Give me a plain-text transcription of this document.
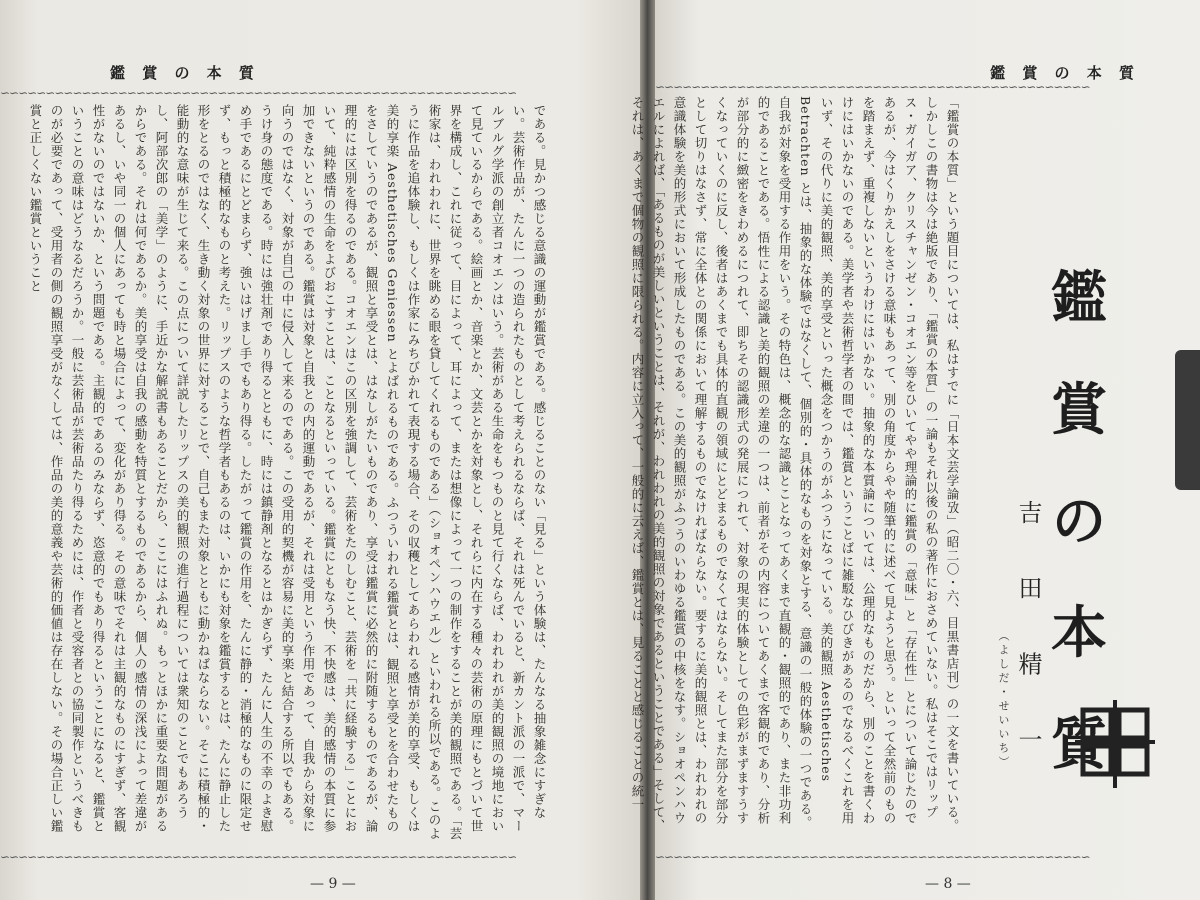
鑑 賞 の 本 質
∽∽∽∽∽∽∽∽∽∽∽∽∽∽∽∽∽∽∽∽∽∽∽∽∽∽∽∽∽∽∽∽∽∽∽∽∽∽∽∽∽∽∽∽∽∽∽∽∽∽∽∽∽∽∽∽∽
である。見かつ感じる意識の運動が鑑賞である。感じることのない「見る」という体験は、たんなる抽象雑念にすぎない。芸術作品が、たんに一つの造られたものとして考えられるならば、それは死んでいると、新カント派の一派で、マールブルグ学派の創立者コオエンはいう。芸術がある生命をもつものと見て行くならば、われわれが美的観照の境地において見ているからである。絵画とか、音楽とか、文芸とかを対象とし、それらに内在する種々の芸術の原理にもとづいて世界を構成し、これに従って、目によって、耳によって、または想像によって一つの制作をすることが美的観照である。「芸術家は、われわれに、世界を眺める眼を貸してくれるものである」（ショオペンハウエル）といわれる所以である。このように作品を追体験し、もしくは作家にみちびかれて表現する場合、その収穫としてあらわれる感情が美的享受、もしくは美的享楽 Aesthetisches Geniessen とよばれるものである。ふつういわれる鑑賞とは、観照と享受とを合わせたものをさしていうのであるが、観照と享受とは、はなしがたいものであり、享受は鑑賞に必然的に附随するものであるが、論理的には区別を得るのである。コオエンはこの区別を強調して、芸術をたのしむこと、芸術を「共に経験する」ことにおいて、純粋感情の生命をよびおこすことは、ことなるといっている。鑑賞にともなう快、不快感は、美的感情の本質に参加できないというのである。鑑賞は対象と自我との内的運動であるが、それは受用という作用であって、自我から対象に向うのではなく、対象が自己の中に侵入して来るのである。この受用的契機が容易に美的享楽と結合する所以でもある。うけ身の態度である。時には強壮剤であり得るとともに、時には鎮静剤となるとはかぎらず、たんに人生の不幸のよき慰め手であるにとどまらず、強いはげまし手でもあり得る。したがって鑑賞の作用を、たんに静的・消極的なものに限定せず、もっと積極的なものと考えた。リップスのような哲学者もあるのは、いかにも対象を鑑賞するとは、たんに静止した形をとるのではなく、生き動く対象の世界に対することで、自己もまた対象とともに動かねばならない。そこに積極的・能動的な意味が生じて来る。この点について詳説したリップスの美的観照の進行過程については衆知のことでもあろうし、阿部次郎の「美学」のように、手近かな解説書もあることだから、ここにはふれぬ。もっとほかに重要な問題があるからである。それは何であるか。美的享受は自我の感動を特質とするものであるから、個人の感情の深浅によって差違があるし、いや同一の個人にあっても時と場合によって、変化があり得る。その意味でそれは主観的なものにすぎず、客観性がないのではないか、という問題である。主観的であるのみならず、恣意的でもあり得るということになると、鑑賞ということの意味はどうなるだろうか。一般に芸術品が芸術品たり得るためには、作者と受容者との協同製作というべきものが必要であって、受用者の側の観照享受がなくしては、作品の美的意義や芸術的価値は存在しない。その場合正しい鑑賞と正しくない鑑賞ということ
∽∽∽∽∽∽∽∽∽∽∽∽∽∽∽∽∽∽∽∽∽∽∽∽∽∽∽∽∽∽∽∽∽∽∽∽∽∽∽∽∽∽∽∽∽∽∽∽∽∽∽∽∽∽∽∽∽
— 9 —
鑑 賞 の 本 質
∽∽∽∽∽∽∽∽∽∽∽∽∽∽∽∽∽∽∽∽∽∽∽∽∽∽∽∽∽∽∽∽∽∽∽∽∽∽∽∽∽∽∽∽∽∽∽∽
「鑑賞の本質」という題目については、私はすでに「日本文芸学論攷」（昭二〇・六、目黒書店刊）の一文を書いている。しかしこの書物は今は絶版であり、「鑑賞の本質」の一論もそれ以後の私の著作におさめていない。私はそこではリップス・ガイガア、クリスチャンゼン・コオエン等をひいてやや理論的に鑑賞の「意味」と「存在性」とについて論じたのであるが、今はくりかえしをさける意味もあって、別の角度からやや随筆的に述べて見ようと思う。といって全然前のものを踏まえず、重複しないというわけにはいかない。抽象的な本質論については、公理的なものだから、別のことを書くわけにはいかないのである。美学者や芸術哲学者の間では、鑑賞ということばに雑駁なひびきがあるのでなるべくこれを用いず、その代りに美的観照、美的享受といった概念をつかうのがふつうになっている。美的観照 Aesthetisches Betrachten とは、抽象的な体験ではなくして、個別的・具体的なものを対象とする、意識の一般的体験の一つである。自我が対象を受用する作用をいう。その特色は、概念的な認識とことなってあくまで直観的・観照的であり、また非功利的であることである。悟性による認識と美的観照の差違の一つは、前者がその内容についてあくまで客観的であり、分析が部分的に緻密をきわめるにつれて、即ちその認識形式の発展につれて、対象の現実的体験としての色彩がまずますうすくなっていくのに反し、後者はあくまでも具体的直観の領域にとどまるものでなくてはならない。そしてまた部分を部分として切りはなさず、常に全体との関係において理解するものでなければならない。要するに美的観照とは、われわれの意識体験を美的形式において形成したものである。この美的観照がふつうのいわゆる鑑賞の中核をなす。ショオペンハウエルによれば、「あるものが美しいということは、それが、われわれの美的観照の対象であるということである」そして、それは、あくまで個物の観照に限られる。内容に立入って、一般的に云えば、鑑賞とは、見ることと感じることの統一	鑑 賞 の 本 質
吉 田 精 一
（よしだ・せいいち）
∽∽∽∽∽∽∽∽∽∽∽∽∽∽∽∽∽∽∽∽∽∽∽∽∽∽∽∽∽∽∽∽∽∽∽∽∽∽∽∽∽∽∽∽∽∽∽∽
— 8 —
